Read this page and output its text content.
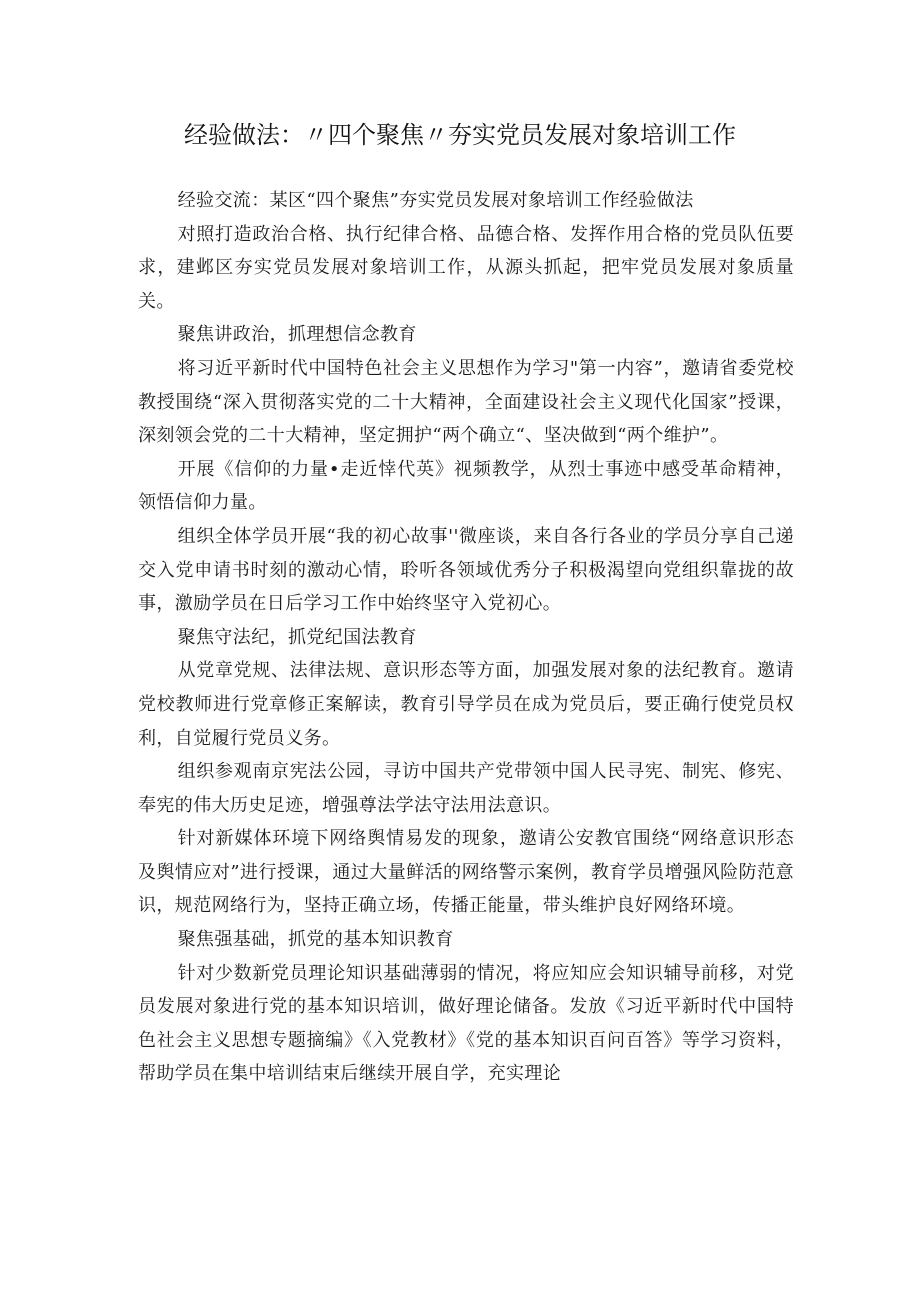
经验做法：〃四个聚焦〃夯实党员发展对象培训工作

经验交流：某区“四个聚焦”夯实党员发展对象培训工作经验做法

对照打造政治合格、执行纪律合格、品德合格、发挥作用合格的党员队伍要求，建邺区夯实党员发展对象培训工作，从源头抓起，把牢党员发展对象质量关。

聚焦讲政治，抓理想信念教育

将习近平新时代中国特色社会主义思想作为学习"第一内容”，邀请省委党校教授围绕“深入贯彻落实党的二十大精神，全面建设社会主义现代化国家”授课，深刻领会党的二十大精神，坚定拥护“两个确立“、坚决做到“两个维护”。

开展《信仰的力量•走近悻代英》视频教学，从烈士事迹中感受革命精神，领悟信仰力量。

组织全体学员开展“我的初心故事''微座谈，来自各行各业的学员分享自己递交入党申请书时刻的激动心情，聆听各领域优秀分子积极渴望向党组织靠拢的故事，激励学员在日后学习工作中始终坚守入党初心。

聚焦守法纪，抓党纪国法教育

从党章党规、法律法规、意识形态等方面，加强发展对象的法纪教育。邀请党校教师进行党章修正案解读，教育引导学员在成为党员后，要正确行使党员权利，自觉履行党员义务。

组织参观南京宪法公园，寻访中国共产党带领中国人民寻宪、制宪、修宪、奉宪的伟大历史足迹，增强尊法学法守法用法意识。

针对新媒体环境下网络舆情易发的现象，邀请公安教官围绕“网络意识形态及舆情应对”进行授课，通过大量鲜活的网络警示案例，教育学员增强风险防范意识，规范网络行为，坚持正确立场，传播正能量，带头维护良好网络环境。

聚焦强基础，抓党的基本知识教育

针对少数新党员理论知识基础薄弱的情况，将应知应会知识辅导前移，对党员发展对象进行党的基本知识培训，做好理论储备。发放《习近平新时代中国特色社会主义思想专题摘编》《入党教材》《党的基本知识百问百答》等学习资料，帮助学员在集中培训结束后继续开展自学，充实理论
